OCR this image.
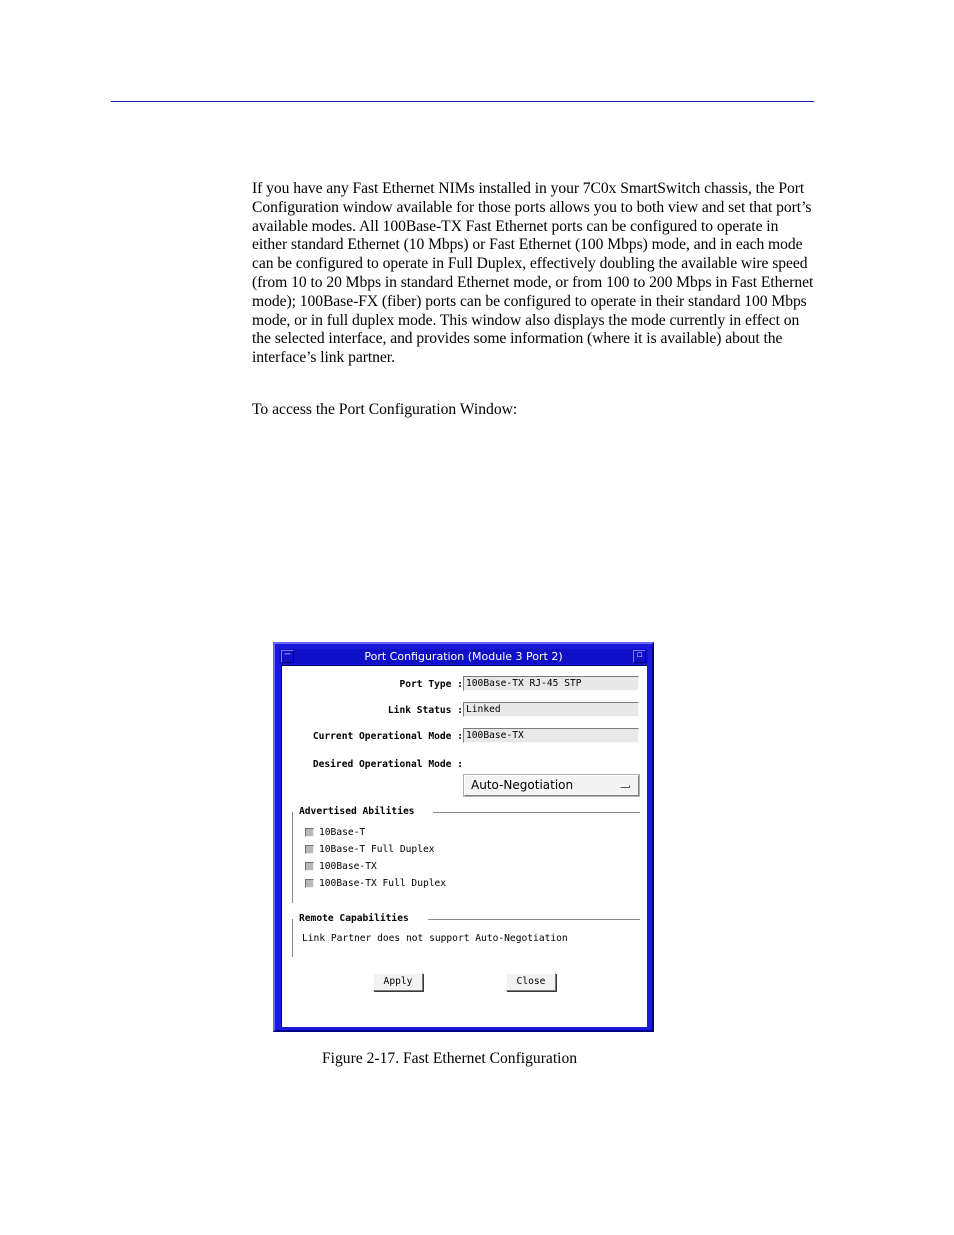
If you have any Fast Ethernet NIMs installed in your 7C0x SmartSwitch chassis, the Port Configuration window available for those ports allows you to both view and set that port’s available modes. All 100Base-TX Fast Ethernet ports can be configured to operate in either standard Ethernet (10 Mbps) or Fast Ethernet (100 Mbps) mode, and in each mode can be configured to operate in Full Duplex, effectively doubling the available wire speed (from 10 to 20 Mbps in standard Ethernet mode, or from 100 to 200 Mbps in Fast Ethernet mode); 100Base-FX (fiber) ports can be configured to operate in their standard 100 Mbps mode, or in full duplex mode. This window also displays the mode currently in effect on the selected interface, and provides some information (where it is available) about the interface’s link partner.

To access the Port Configuration Window:

─	Port Configuration (Module 3 Port 2)	▫
Port Type : 100Base-TX RJ-45 STP
Link Status : Linked
Current Operational Mode : 100Base-TX
Desired Operational Mode :
Auto-Negotiation
Advertised Abilities
10Base-T
10Base-T Full Duplex
100Base-TX
100Base-TX Full Duplex
Remote Capabilities
Link Partner does not support Auto-Negotiation
Apply	Close

Figure 2-17. Fast Ethernet Configuration
